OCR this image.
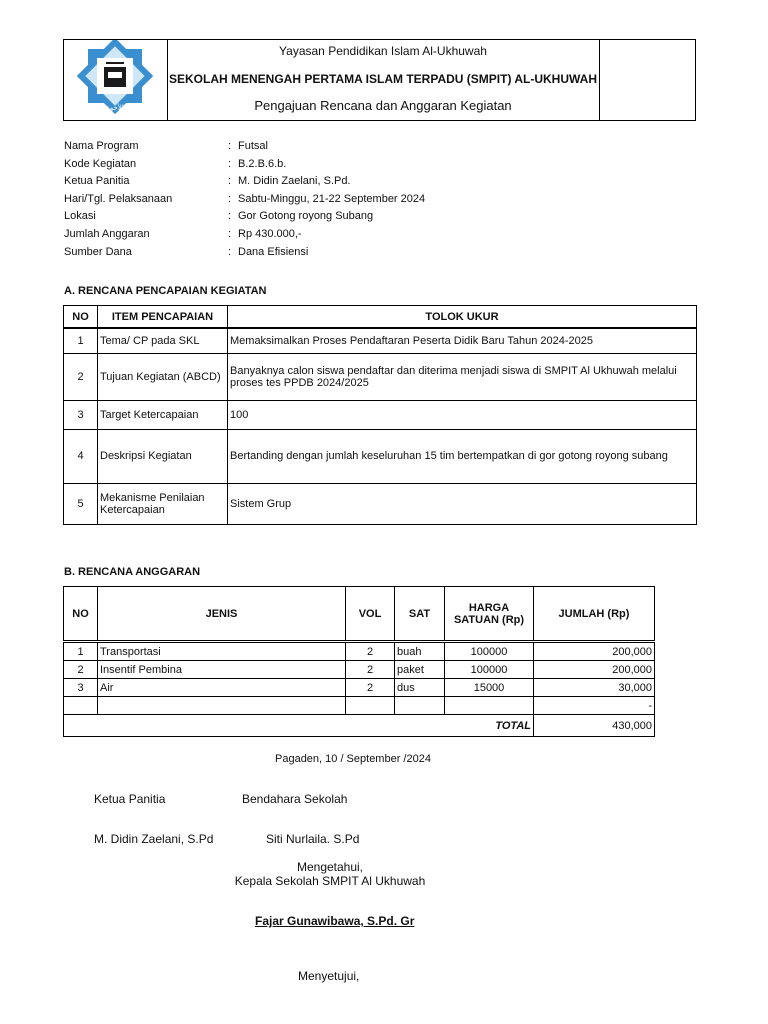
الأخوة
Yayasan Pendidikan Islam Al-Ukhuwah
SEKOLAH MENENGAH PERTAMA ISLAM TERPADU (SMPIT) AL-UKHUWAH
Pengajuan Rencana dan Anggaran Kegiatan
Nama Program	: Futsal
Kode Kegiatan	: B.2.B.6.b.
Ketua Panitia	: M. Didin Zaelani, S.Pd.
Hari/Tgl. Pelaksanaan	: Sabtu-Minggu, 21-22 September 2024
Lokasi	: Gor Gotong royong Subang
Jumlah Anggaran	: Rp 430.000,-
Sumber Dana	: Dana Efisiensi
A. RENCANA PENCAPAIAN KEGIATAN
NO	ITEM PENCAPAIAN	TOLOK UKUR
1	Tema/ CP pada SKL	Memaksimalkan Proses Pendaftaran Peserta Didik Baru Tahun 2024-2025
2	Tujuan Kegiatan (ABCD)	Banyaknya calon siswa pendaftar dan diterima menjadi siswa di SMPIT Al Ukhuwah melalui proses tes PPDB 2024/2025
3	Target Ketercapaian	100
4	Deskripsi Kegiatan	Bertanding dengan jumlah keseluruhan 15 tim bertempatkan di gor gotong royong subang
5	Mekanisme Penilaian Ketercapaian	Sistem Grup
B. RENCANA ANGGARAN
NO	JENIS	VOL	SAT	HARGA SATUAN (Rp)	JUMLAH (Rp)
1	Transportasi	2	buah	100000	200,000
2	Insentif Pembina	2	paket	100000	200,000
3	Air	2	dus	15000	30,000
					-
TOTAL					430,000
Pagaden, 10 / September /2024
Ketua Panitia	Bendahara Sekolah
M. Didin Zaelani, S.Pd	Siti Nurlaila. S.Pd
Mengetahui,
Kepala Sekolah SMPIT Al Ukhuwah
Fajar Gunawibawa, S.Pd. Gr
Menyetujui,
